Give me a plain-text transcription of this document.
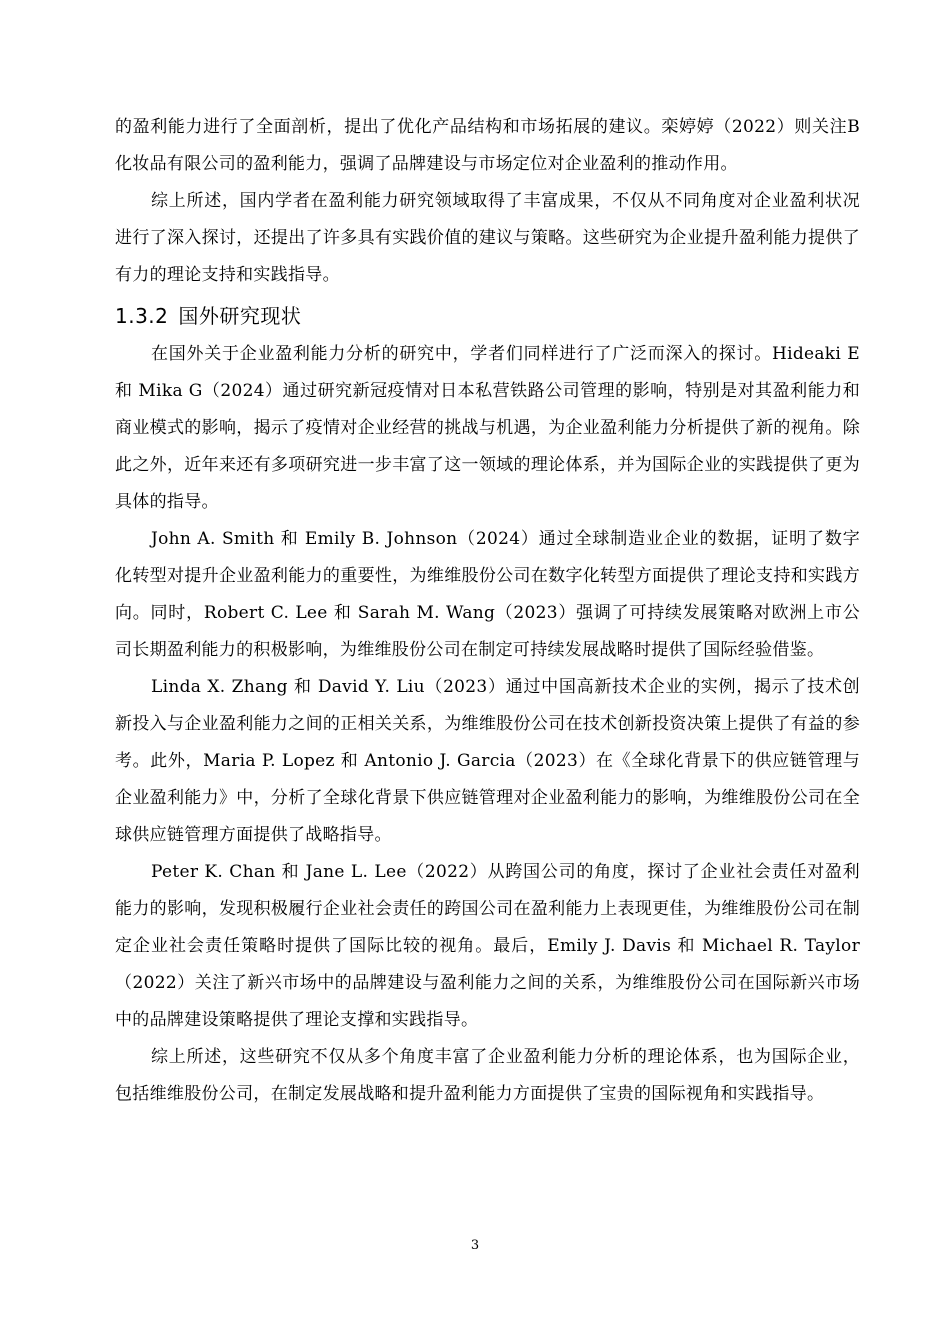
的盈利能力进行了全面剖析，提出了优化产品结构和市场拓展的建议。栾婷婷（2022）则关注B化妆品有限公司的盈利能力，强调了品牌建设与市场定位对企业盈利的推动作用。

综上所述，国内学者在盈利能力研究领域取得了丰富成果，不仅从不同角度对企业盈利状况进行了深入探讨，还提出了许多具有实践价值的建议与策略。这些研究为企业提升盈利能力提供了有力的理论支持和实践指导。

1.3.2 国外研究现状

在国外关于企业盈利能力分析的研究中，学者们同样进行了广泛而深入的探讨。Hideaki E 和 Mika G（2024）通过研究新冠疫情对日本私营铁路公司管理的影响，特别是对其盈利能力和商业模式的影响，揭示了疫情对企业经营的挑战与机遇，为企业盈利能力分析提供了新的视角。除此之外，近年来还有多项研究进一步丰富了这一领域的理论体系，并为国际企业的实践提供了更为具体的指导。

John A. Smith 和 Emily B. Johnson（2024）通过全球制造业企业的数据，证明了数字化转型对提升企业盈利能力的重要性，为维维股份公司在数字化转型方面提供了理论支持和实践方向。同时，Robert C. Lee 和 Sarah M. Wang（2023）强调了可持续发展策略对欧洲上市公司长期盈利能力的积极影响，为维维股份公司在制定可持续发展战略时提供了国际经验借鉴。

Linda X. Zhang 和 David Y. Liu（2023）通过中国高新技术企业的实例，揭示了技术创新投入与企业盈利能力之间的正相关关系，为维维股份公司在技术创新投资决策上提供了有益的参考。此外，Maria P. Lopez 和 Antonio J. Garcia（2023）在《全球化背景下的供应链管理与企业盈利能力》中，分析了全球化背景下供应链管理对企业盈利能力的影响，为维维股份公司在全球供应链管理方面提供了战略指导。

Peter K. Chan 和 Jane L. Lee（2022）从跨国公司的角度，探讨了企业社会责任对盈利能力的影响，发现积极履行企业社会责任的跨国公司在盈利能力上表现更佳，为维维股份公司在制定企业社会责任策略时提供了国际比较的视角。最后，Emily J. Davis 和 Michael R. Taylor（2022）关注了新兴市场中的品牌建设与盈利能力之间的关系，为维维股份公司在国际新兴市场中的品牌建设策略提供了理论支撑和实践指导。

综上所述，这些研究不仅从多个角度丰富了企业盈利能力分析的理论体系，也为国际企业，包括维维股份公司，在制定发展战略和提升盈利能力方面提供了宝贵的国际视角和实践指导。

3
